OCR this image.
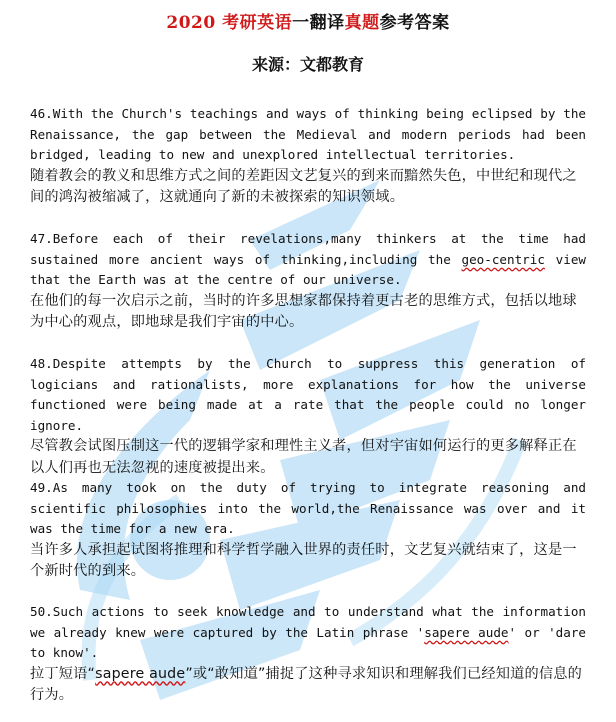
2020 考研英语一翻译真题参考答案
来源：文都教育
46.With the Church's teachings and ways of thinking being eclipsed by the Renaissance, the gap between the Medieval and modern periods had been bridged, leading to new and unexplored intellectual territories.
随着教会的教义和思维方式之间的差距因文艺复兴的到来而黯然失色，中世纪和现代之间的鸿沟被缩减了，这就通向了新的未被探索的知识领域。
47.Before each of their revelations,many thinkers at the time had sustained more ancient ways of thinking,including the geo-centric view that the Earth was at the centre of our universe.
在他们的每一次启示之前，当时的许多思想家都保持着更古老的思维方式，包括以地球为中心的观点，即地球是我们宇宙的中心。
48.Despite attempts by the Church to suppress this generation of logicians and rationalists, more explanations for how the universe functioned were being made at a rate that the people could no longer ignore.
尽管教会试图压制这一代的逻辑学家和理性主义者，但对宇宙如何运行的更多解释正在以人们再也无法忽视的速度被提出来。
49.As many took on the duty of trying to integrate reasoning and scientific philosophies into the world,the Renaissance was over and it was the time for a new era.
当许多人承担起试图将推理和科学哲学融入世界的责任时，文艺复兴就结束了，这是一个新时代的到来。
50.Such actions to seek knowledge and to understand what the information we already knew were captured by the Latin phrase 'sapere aude' or 'dare to know'.
拉丁短语“sapere aude”或“敢知道”捕捉了这种寻求知识和理解我们已经知道的信息的行为。
